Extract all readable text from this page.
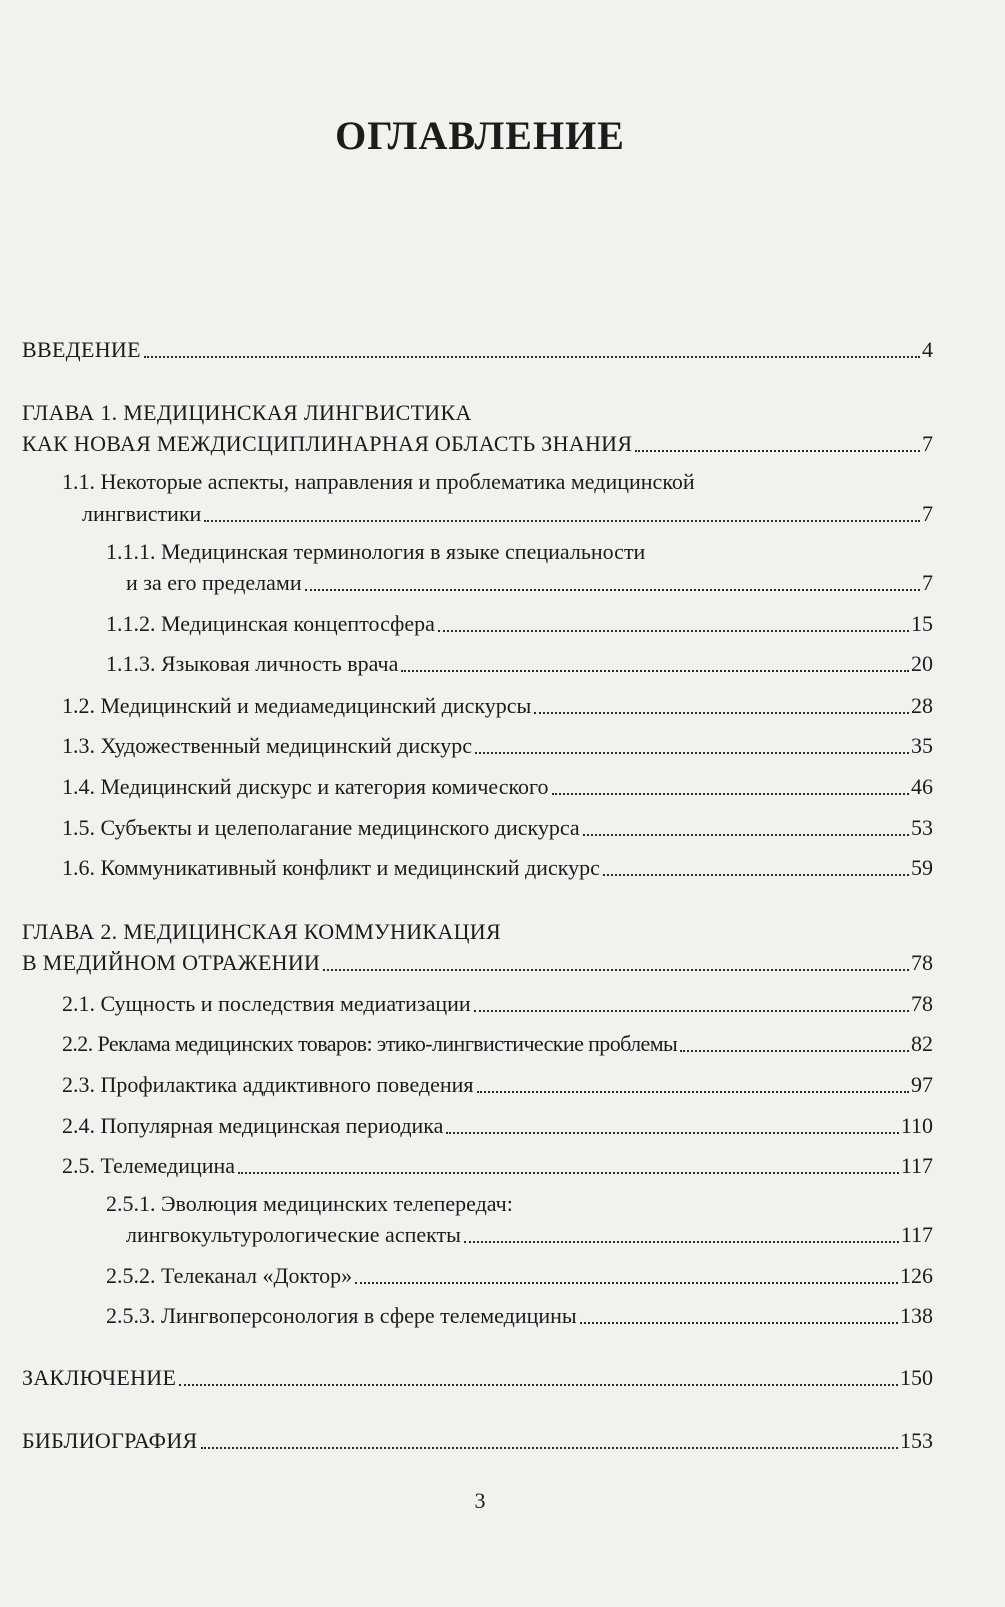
ОГЛАВЛЕНИЕ
ВВЕДЕНИЕ	4
ГЛАВА 1. МЕДИЦИНСКАЯ ЛИНГВИСТИКА
КАК НОВАЯ МЕЖДИСЦИПЛИНАРНАЯ ОБЛАСТЬ ЗНАНИЯ	7
1.1. Некоторые аспекты, направления и проблематика медицинской
лингвистики	7
1.1.1. Медицинская терминология в языке специальности
и за его пределами	7
1.1.2. Медицинская концептосфера	15
1.1.3. Языковая личность врача	20
1.2. Медицинский и медиамедицинский дискурсы	28
1.3. Художественный медицинский дискурс	35
1.4. Медицинский дискурс и категория комического	46
1.5. Субъекты и целеполагание медицинского дискурса	53
1.6. Коммуникативный конфликт и медицинский дискурс	59
ГЛАВА 2. МЕДИЦИНСКАЯ КОММУНИКАЦИЯ
В МЕДИЙНОМ ОТРАЖЕНИИ	78
2.1. Сущность и последствия медиатизации	78
2.2. Реклама медицинских товаров: этико-лингвистические проблемы	82
2.3. Профилактика аддиктивного поведения	97
2.4. Популярная медицинская периодика	110
2.5. Телемедицина	117
2.5.1. Эволюция медицинских телепередач:
лингвокультурологические аспекты	117
2.5.2. Телеканал «Доктор»	126
2.5.3. Лингвоперсонология в сфере телемедицины	138
ЗАКЛЮЧЕНИЕ	150
БИБЛИОГРАФИЯ	153
3
